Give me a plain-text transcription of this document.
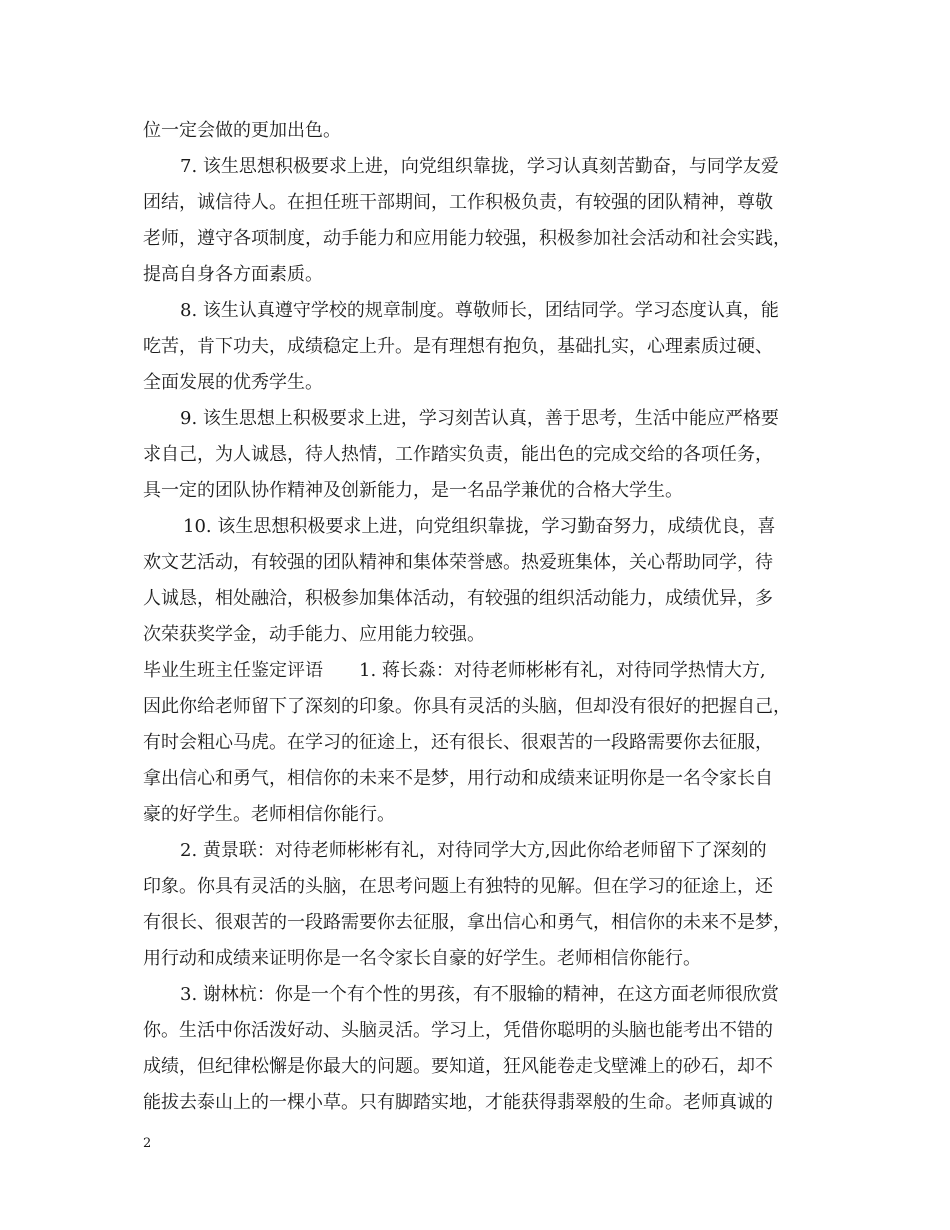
位一定会做的更加出色。
7. 该生思想积极要求上进，向党组织靠拢，学习认真刻苦勤奋，与同学友爱
团结，诚信待人。在担任班干部期间，工作积极负责，有较强的团队精神，尊敬
老师，遵守各项制度，动手能力和应用能力较强，积极参加社会活动和社会实践，
提高自身各方面素质。
8. 该生认真遵守学校的规章制度。尊敬师长，团结同学。学习态度认真，能
吃苦，肯下功夫，成绩稳定上升。是有理想有抱负，基础扎实，心理素质过硬、
全面发展的优秀学生。
9. 该生思想上积极要求上进，学习刻苦认真，善于思考，生活中能应严格要
求自己，为人诚恳，待人热情，工作踏实负责，能出色的完成交给的各项任务，
具一定的团队协作精神及创新能力，是一名品学兼优的合格大学生。
10. 该生思想积极要求上进，向党组织靠拢，学习勤奋努力，成绩优良，喜
欢文艺活动，有较强的团队精神和集体荣誉感。热爱班集体，关心帮助同学，待
人诚恳，相处融洽，积极参加集体活动，有较强的组织活动能力，成绩优异，多
次荣获奖学金，动手能力、应用能力较强。
毕业生班主任鉴定评语 1. 蒋长淼：对待老师彬彬有礼，对待同学热情大方,
因此你给老师留下了深刻的印象。你具有灵活的头脑，但却没有很好的把握自己，
有时会粗心马虎。在学习的征途上，还有很长、很艰苦的一段路需要你去征服，
拿出信心和勇气，相信你的未来不是梦，用行动和成绩来证明你是一名令家长自
豪的好学生。老师相信你能行。
2. 黄景联：对待老师彬彬有礼，对待同学大方,因此你给老师留下了深刻的
印象。你具有灵活的头脑，在思考问题上有独特的见解。但在学习的征途上，还
有很长、很艰苦的一段路需要你去征服，拿出信心和勇气，相信你的未来不是梦，
用行动和成绩来证明你是一名令家长自豪的好学生。老师相信你能行。
3. 谢林杭：你是一个有个性的男孩，有不服输的精神，在这方面老师很欣赏
你。生活中你活泼好动、头脑灵活。学习上，凭借你聪明的头脑也能考出不错的
成绩，但纪律松懈是你最大的问题。要知道，狂风能卷走戈壁滩上的砂石，却不
能拔去泰山上的一棵小草。只有脚踏实地，才能获得翡翠般的生命。老师真诚的
2
